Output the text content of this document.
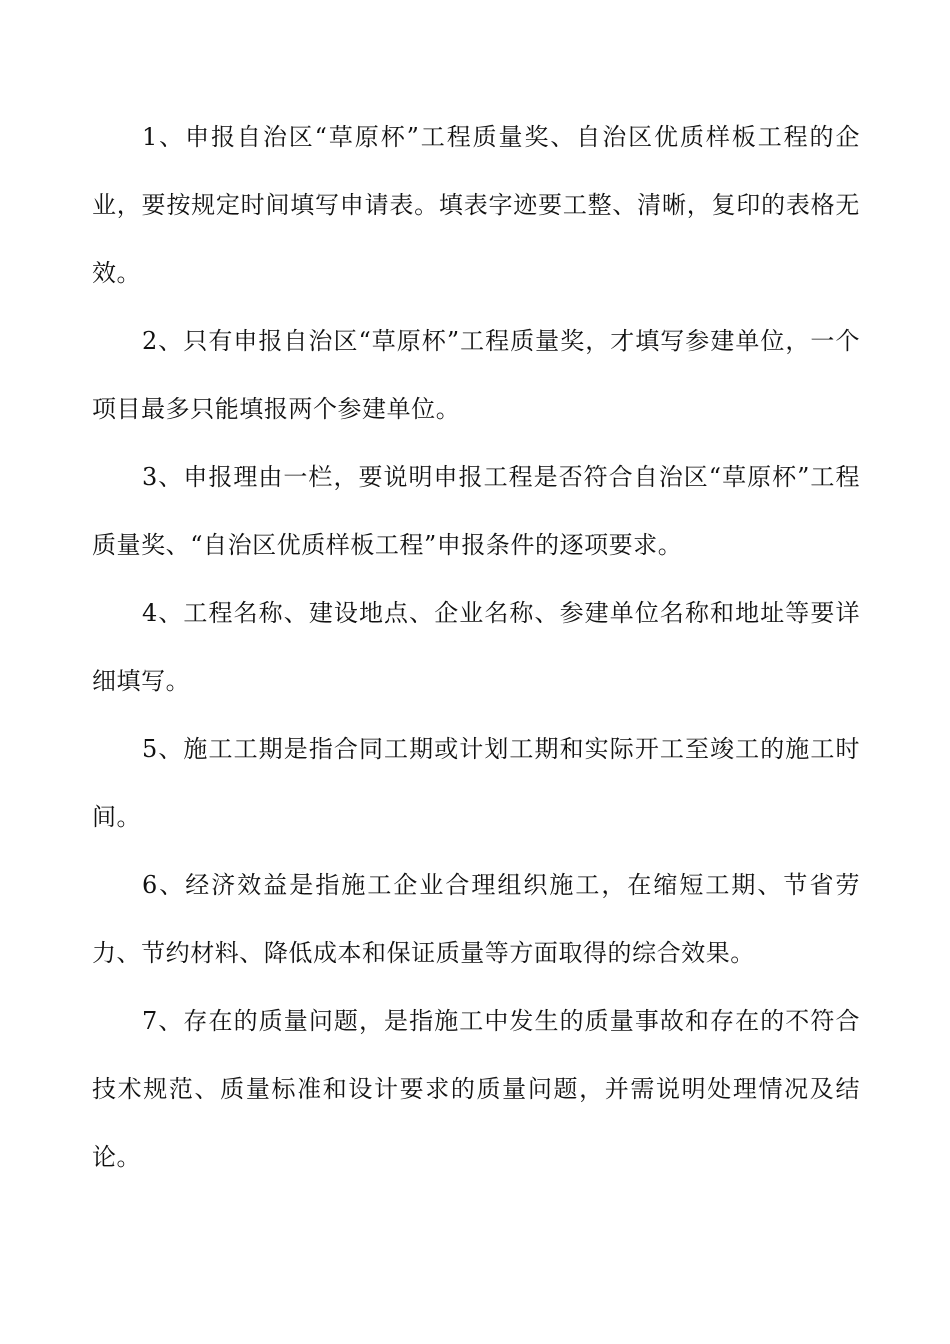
1、申报自治区“草原杯”工程质量奖、自治区优质样板工程的企业，要按规定时间填写申请表。填表字迹要工整、清晰，复印的表格无效。

2、只有申报自治区“草原杯”工程质量奖，才填写参建单位，一个项目最多只能填报两个参建单位。

3、申报理由一栏，要说明申报工程是否符合自治区“草原杯”工程质量奖、“自治区优质样板工程”申报条件的逐项要求。

4、工程名称、建设地点、企业名称、参建单位名称和地址等要详细填写。

5、施工工期是指合同工期或计划工期和实际开工至竣工的施工时间。

6、经济效益是指施工企业合理组织施工，在缩短工期、节省劳力、节约材料、降低成本和保证质量等方面取得的综合效果。

7、存在的质量问题，是指施工中发生的质量事故和存在的不符合技术规范、质量标准和设计要求的质量问题，并需说明处理情况及结论。
